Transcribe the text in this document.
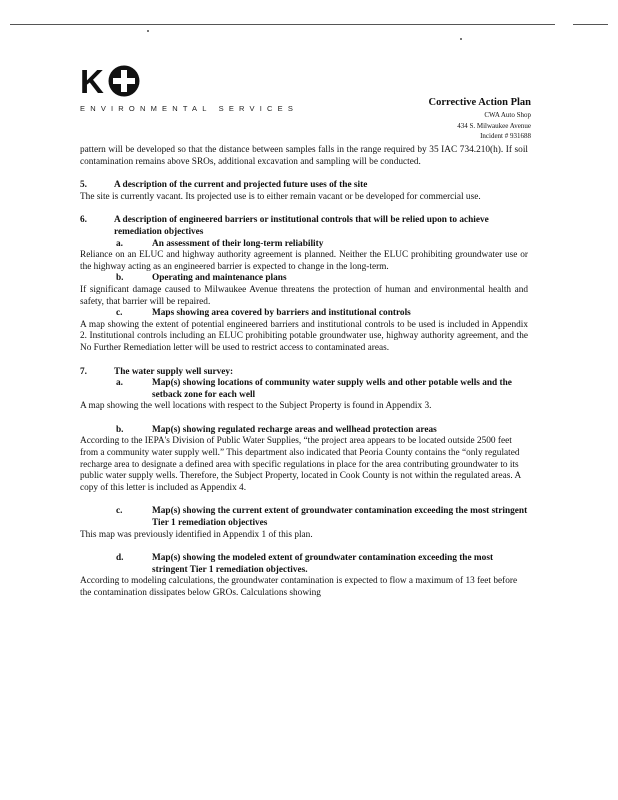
K
ENVIRONMENTAL SERVICES
Corrective Action Plan
CWA Auto Shop
434 S. Milwaukee Avenue
Incident # 931688

pattern will be developed so that the distance between samples falls in the range required by 35 IAC 734.210(h). If soil contamination remains above SROs, additional excavation and sampling will be conducted.

5.	A description of the current and projected future uses of the site

The site is currently vacant. Its projected use is to either remain vacant or be developed for commercial use.

6.	A description of engineered barriers or institutional controls that will be relied upon to achieve remediation objectives
a.	An assessment of their long-term reliability

Reliance on an ELUC and highway authority agreement is planned. Neither the ELUC prohibiting groundwater use or the highway acting as an engineered barrier is expected to change in the long-term.

b.	Operating and maintenance plans

If significant damage caused to Milwaukee Avenue threatens the protection of human and environmental health and safety, that barrier will be repaired.

c.	Maps showing area covered by barriers and institutional controls

A map showing the extent of potential engineered barriers and institutional controls to be used is included in Appendix 2. Institutional controls including an ELUC prohibiting potable groundwater use, highway authority agreement, and the No Further Remediation letter will be used to restrict access to contaminated areas.

7.	The water supply well survey:
a.	Map(s) showing locations of community water supply wells and other potable wells and the setback zone for each well

A map showing the well locations with respect to the Subject Property is found in Appendix 3.

b.	Map(s) showing regulated recharge areas and wellhead protection areas

According to the IEPA's Division of Public Water Supplies, “the project area appears to be located outside 2500 feet from a community water supply well.” This department also indicated that Peoria County contains the “only regulated recharge area to designate a defined area with specific regulations in place for the area contributing groundwater to its public water supply wells. Therefore, the Subject Property, located in Cook County is not within the regulated areas. A copy of this letter is included as Appendix 4.

c.	Map(s) showing the current extent of groundwater contamination exceeding the most stringent Tier 1 remediation objectives

This map was previously identified in Appendix 1 of this plan.

d.	Map(s) showing the modeled extent of groundwater contamination exceeding the most stringent Tier 1 remediation objectives.

According to modeling calculations, the groundwater contamination is expected to flow a maximum of 13 feet before the contamination dissipates below GROs. Calculations showing
